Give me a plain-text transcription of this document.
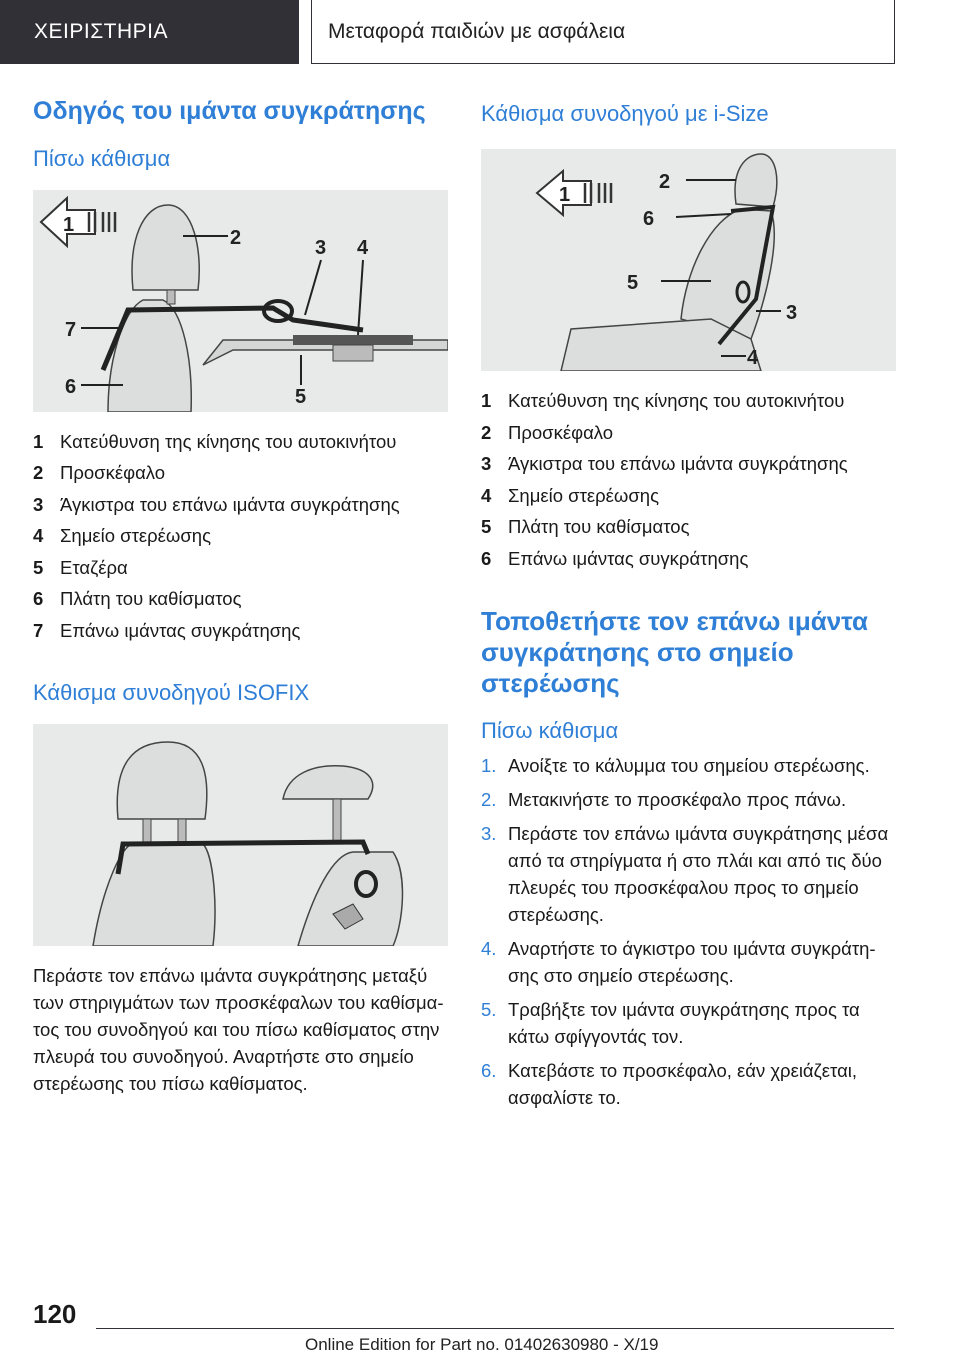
ΧΕΙΡΙΣΤΗΡΙΑ	Μεταφορά παιδιών με ασφάλεια
Οδηγός του ιμάντα συγκράτησης
Πίσω κάθισμα
1
2	3 4
5
6
7
1 Κατεύθυνση της κίνησης του αυτοκινήτου
2 Προσκέφαλο
3 Άγκιστρα του επάνω ιμάντα συγκράτησης
4 Σημείο στερέωσης
5 Εταζέρα
6 Πλάτη του καθίσματος
7 Επάνω ιμάντας συγκράτησης
Κάθισμα συνοδηγού ISOFIX

Περάστε τον επάνω ιμάντα συγκράτησης μεταξύ των στηριγμάτων των προσκέφαλων του καθίσματος του συνοδηγού και του πίσω καθίσματος στην πλευρά του συνοδηγού. Αναρτήστε στο σημείο στερέωσης του πίσω καθίσματος.

Κάθισμα συνοδηγού με i-Size
1
2
3
4
5
6
1 Κατεύθυνση της κίνησης του αυτοκινήτου
2 Προσκέφαλο
3 Άγκιστρα του επάνω ιμάντα συγκράτησης
4 Σημείο στερέωσης
5 Πλάτη του καθίσματος
6 Επάνω ιμάντας συγκράτησης
Τοποθετήστε τον επάνω ιμάντα συγκράτησης στο σημείο στερέωσης
Πίσω κάθισμα
1. Ανοίξτε το κάλυμμα του σημείου στερέωσης.
2. Μετακινήστε το προσκέφαλο προς πάνω.
3. Περάστε τον επάνω ιμάντα συγκράτησης μέσα από τα στηρίγματα ή στο πλάι και από τις δύο πλευρές του προσκέφαλου προς το σημείο στερέωσης.
4. Αναρτήστε το άγκιστρο του ιμάντα συγκράτησης στο σημείο στερέωσης.
5. Τραβήξτε τον ιμάντα συγκράτησης προς τα κάτω σφίγγοντάς τον.
6. Κατεβάστε το προσκέφαλο, εάν χρειάζεται, ασφαλίστε το.
120
Online Edition for Part no. 01402630980 - X/19
